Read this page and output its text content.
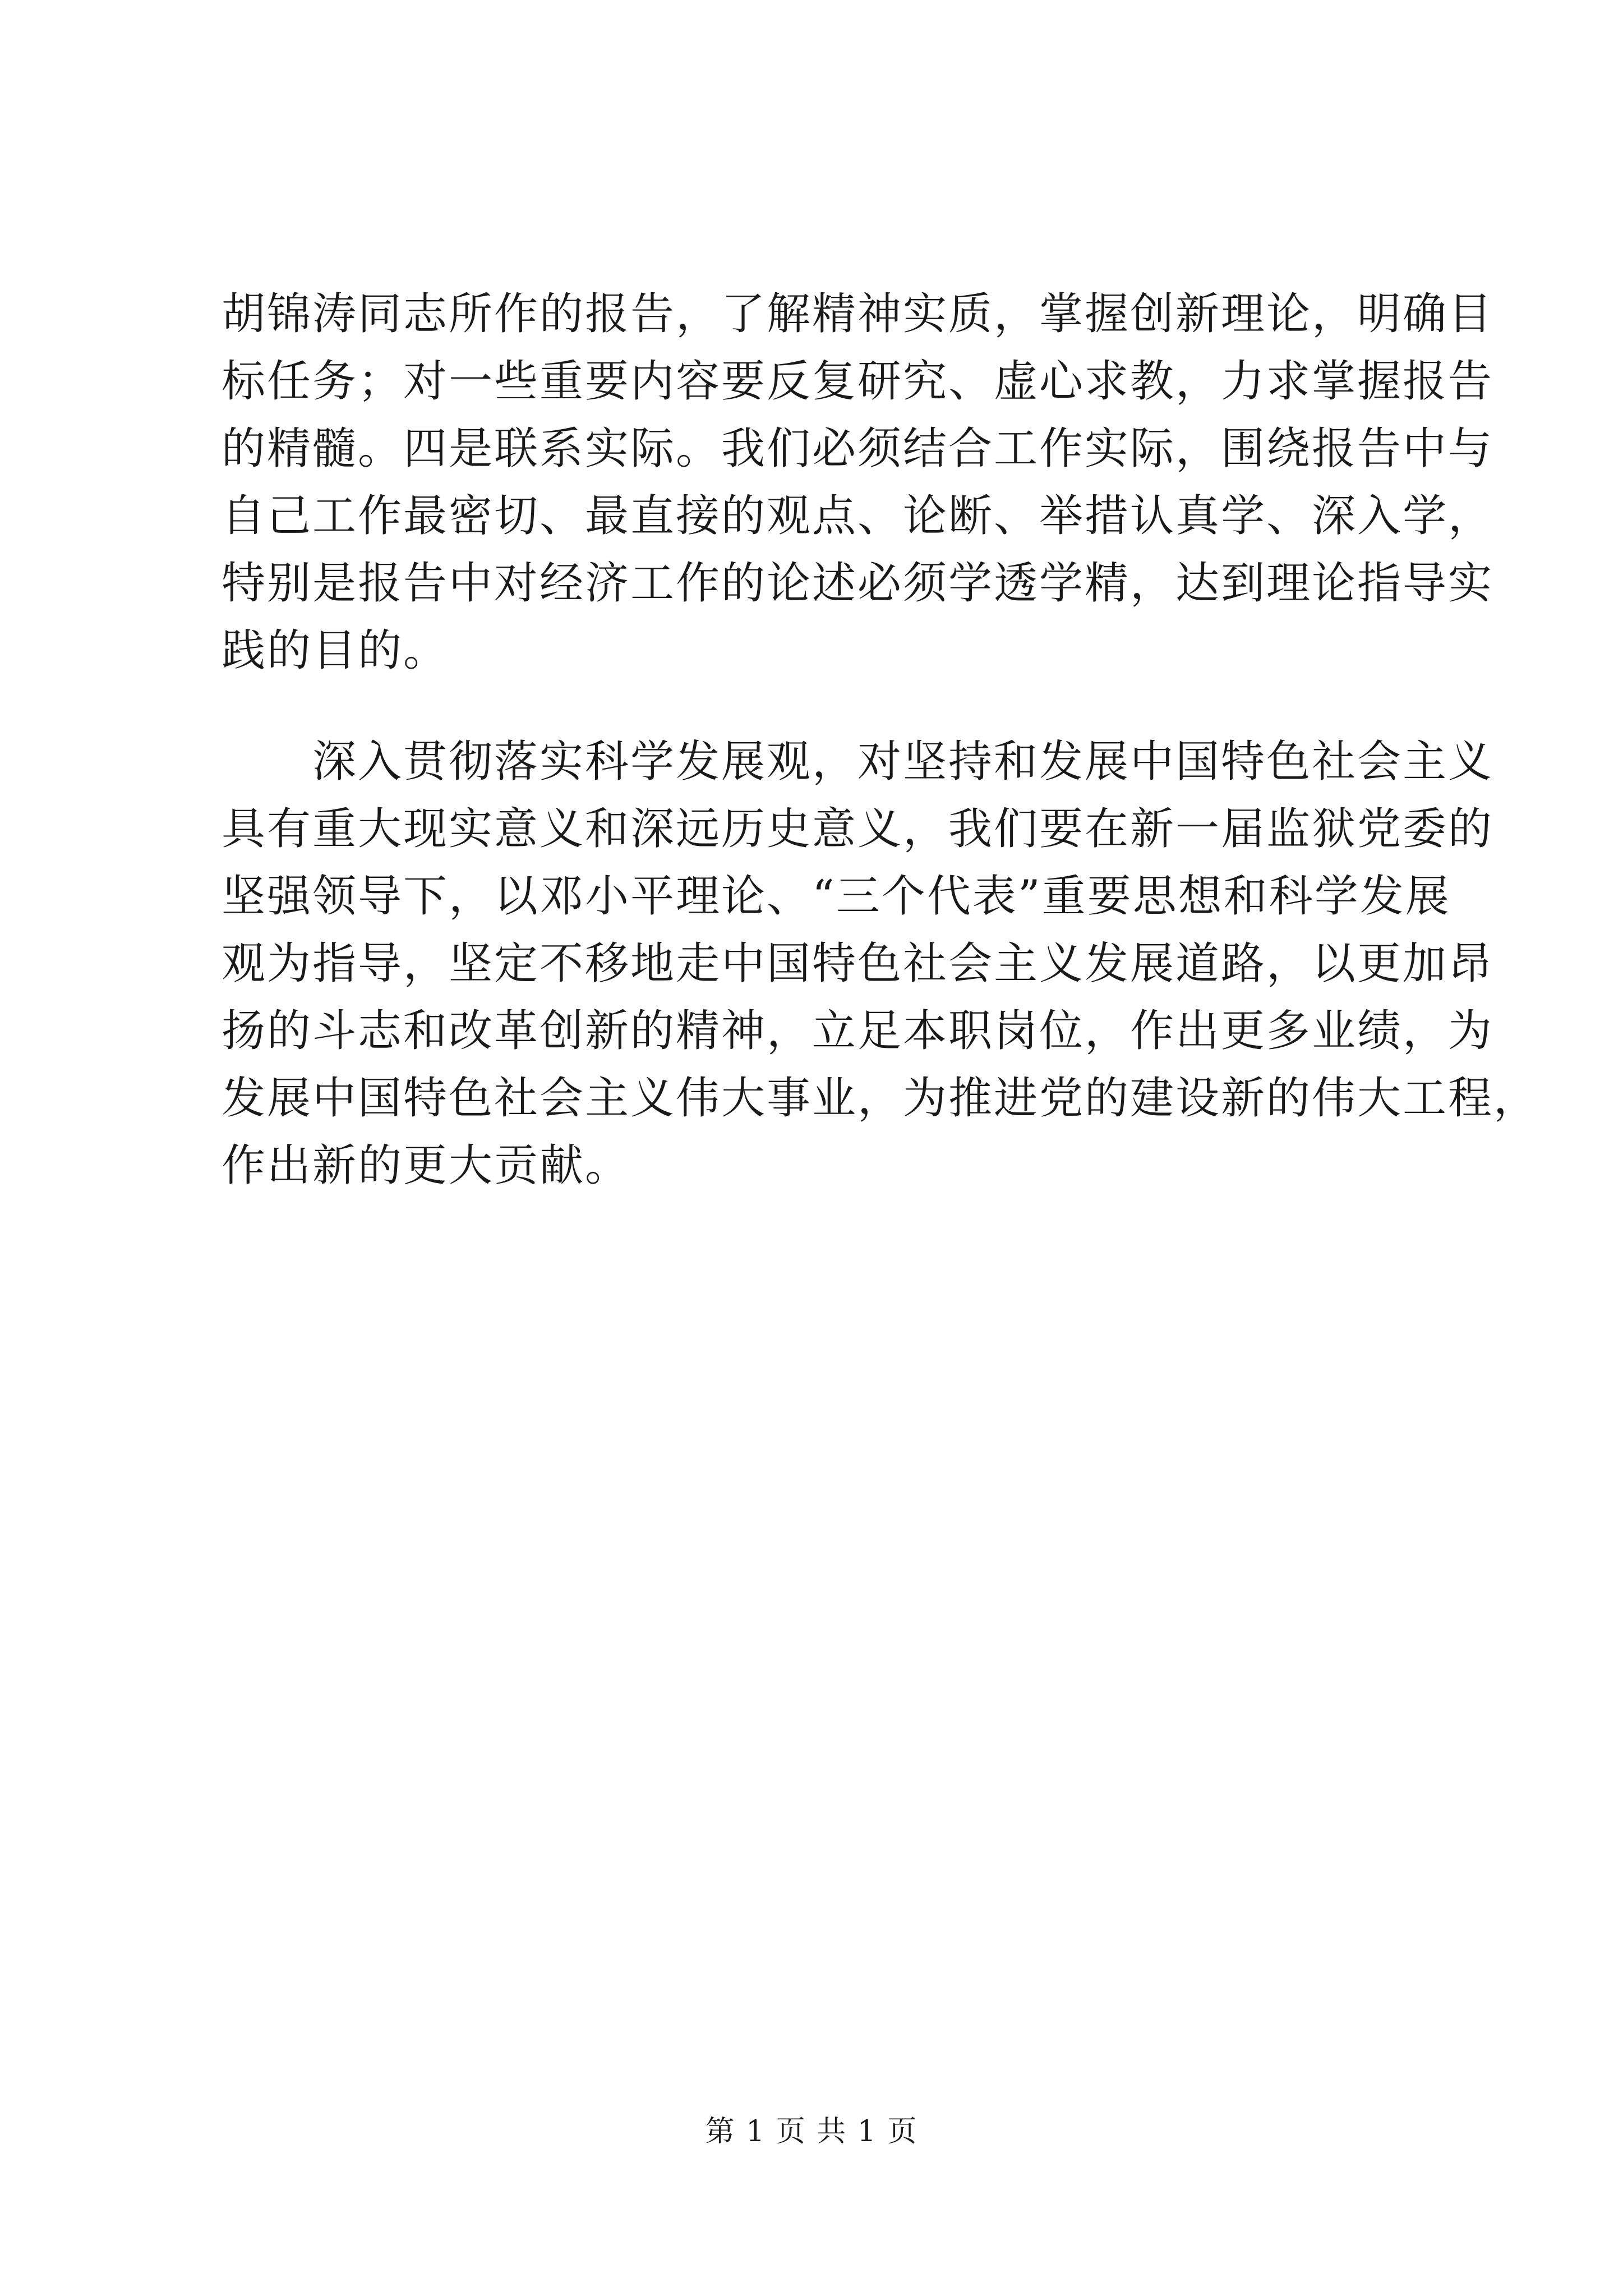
胡锦涛同志所作的报告，了解精神实质，掌握创新理论，明确目
标任务；对一些重要内容要反复研究、虚心求教，力求掌握报告
的精髓。四是联系实际。我们必须结合工作实际，围绕报告中与
自己工作最密切、最直接的观点、论断、举措认真学、深入学，
特别是报告中对经济工作的论述必须学透学精，达到理论指导实
践的目的。
　　深入贯彻落实科学发展观，对坚持和发展中国特色社会主义
具有重大现实意义和深远历史意义，我们要在新一届监狱党委的
坚强领导下，以邓小平理论、“三个代表”重要思想和科学发展
观为指导，坚定不移地走中国特色社会主义发展道路，以更加昂
扬的斗志和改革创新的精神，立足本职岗位，作出更多业绩，为
发展中国特色社会主义伟大事业，为推进党的建设新的伟大工程，
作出新的更大贡献。
第 1 页 共 1 页
